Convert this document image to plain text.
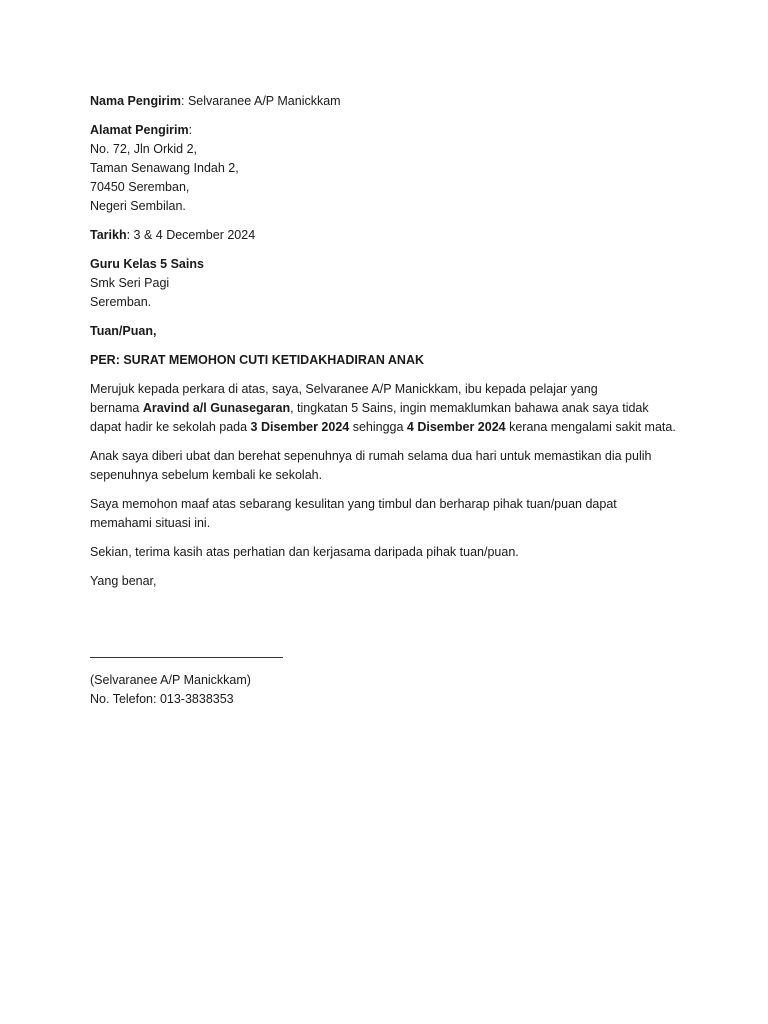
Nama Pengirim: Selvaranee A/P Manickkam

Alamat Pengirim:
No. 72, Jln Orkid 2,
Taman Senawang Indah 2,
70450 Seremban,
Negeri Sembilan.

Tarikh: 3 & 4 December 2024

Guru Kelas 5 Sains
Smk Seri Pagi
Seremban.

Tuan/Puan,

PER: SURAT MEMOHON CUTI KETIDAKHADIRAN ANAK

Merujuk kepada perkara di atas, saya, Selvaranee A/P Manickkam, ibu kepada pelajar yang
bernama Aravind a/l Gunasegaran, tingkatan 5 Sains, ingin memaklumkan bahawa anak saya tidak
dapat hadir ke sekolah pada 3 Disember 2024 sehingga 4 Disember 2024 kerana mengalami sakit mata.

Anak saya diberi ubat dan berehat sepenuhnya di rumah selama dua hari untuk memastikan dia pulih
sepenuhnya sebelum kembali ke sekolah.

Saya memohon maaf atas sebarang kesulitan yang timbul dan berharap pihak tuan/puan dapat
memahami situasi ini.

Sekian, terima kasih atas perhatian dan kerjasama daripada pihak tuan/puan.

Yang benar,

(Selvaranee A/P Manickkam)
No. Telefon: 013-3838353
